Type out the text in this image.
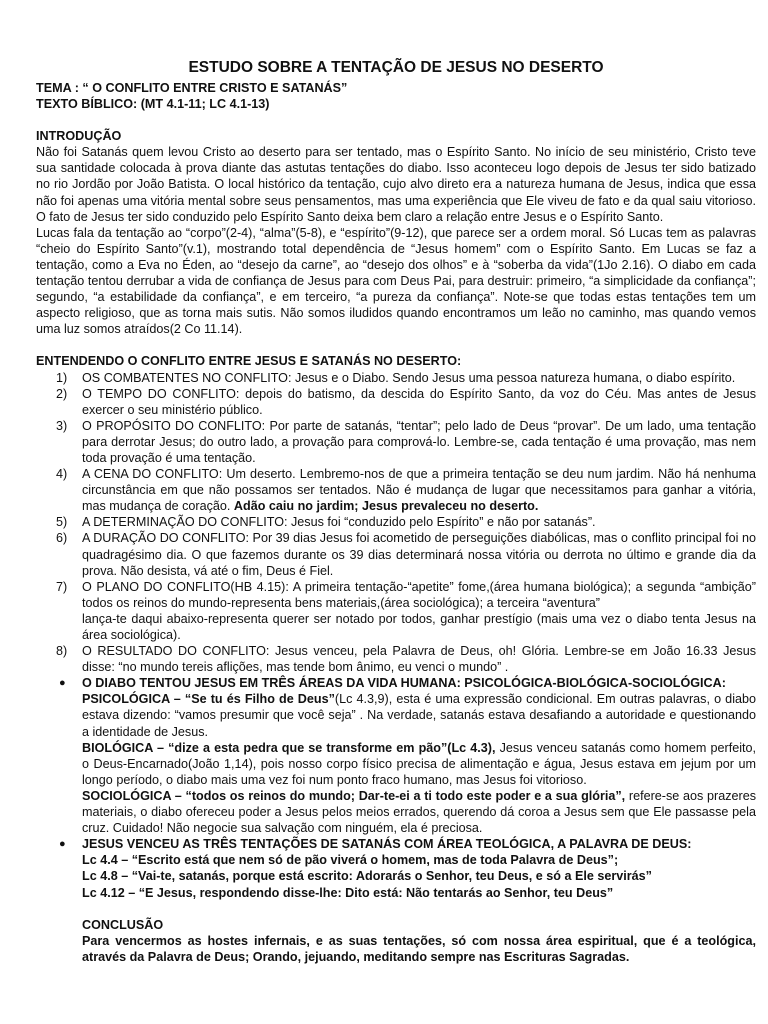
ESTUDO SOBRE A TENTAÇÃO DE JESUS NO DESERTO
TEMA : “ O CONFLITO ENTRE CRISTO E SATANÁS”
TEXTO BÍBLICO: (MT 4.1-11; LC 4.1-13)
INTRODUÇÃO

Não foi Satanás quem levou Cristo ao deserto para ser tentado, mas o Espírito Santo. No início de seu ministério, Cristo teve sua santidade colocada à prova diante das astutas tentações do diabo. Isso aconteceu logo depois de Jesus ter sido batizado no rio Jordão por João Batista. O local histórico da tentação, cujo alvo direto era a natureza humana de Jesus, indica que essa não foi apenas uma vitória mental sobre seus pensamentos, mas uma experiência que Ele viveu de fato e da qual saiu vitorioso. O fato de Jesus ter sido conduzido pelo Espírito Santo deixa bem claro a relação entre Jesus e o Espírito Santo.

Lucas fala da tentação ao “corpo”(2-4), “alma”(5-8), e “espírito”(9-12), que parece ser a ordem moral. Só Lucas tem as palavras “cheio do Espírito Santo”(v.1), mostrando total dependência de “Jesus homem” com o Espírito Santo. Em Lucas se faz a tentação, como a Eva no Éden, ao “desejo da carne”, ao “desejo dos olhos” e à “soberba da vida”(1Jo 2.16). O diabo em cada tentação tentou derrubar a vida de confiança de Jesus para com Deus Pai, para destruir: primeiro, “a simplicidade da confiança”; segundo, “a estabilidade da confiança”, e em terceiro, “a pureza da confiança”. Note-se que todas estas tentações tem um aspecto religioso, que as torna mais sutis. Não somos iludidos quando encontramos um leão no caminho, mas quando vemos uma luz somos atraídos(2 Co 11.14).

ENTENDENDO O CONFLITO ENTRE JESUS E SATANÁS NO DESERTO:
1) OS COMBATENTES NO CONFLITO: Jesus e o Diabo. Sendo Jesus uma pessoa natureza humana, o diabo espírito.
2) O TEMPO DO CONFLITO: depois do batismo, da descida do Espírito Santo, da voz do Céu. Mas antes de Jesus exercer o seu ministério público.
3) O PROPÓSITO DO CONFLITO: Por parte de satanás, “tentar”; pelo lado de Deus “provar”. De um lado, uma tentação para derrotar Jesus; do outro lado, a provação para comprová-lo. Lembre-se, cada tentação é uma provação, mas nem toda provação é uma tentação.
4) A CENA DO CONFLITO: Um deserto. Lembremo-nos de que a primeira tentação se deu num jardim. Não há nenhuma circunstância em que não possamos ser tentados. Não é mudança de lugar que necessitamos para ganhar a vitória, mas mudança de coração. Adão caiu no jardim; Jesus prevaleceu no deserto.
5) A DETERMINAÇÃO DO CONFLITO: Jesus foi “conduzido pelo Espírito” e não por satanás”.
6) A DURAÇÃO DO CONFLITO: Por 39 dias Jesus foi acometido de perseguições diabólicas, mas o conflito principal foi no quadragésimo dia. O que fazemos durante os 39 dias determinará nossa vitória ou derrota no último e grande dia da prova. Não desista, vá até o fim, Deus é Fiel.
7) O PLANO DO CONFLITO(HB 4.15): A primeira tentação-“apetite” fome,(área humana biológica); a segunda “ambição” todos os reinos do mundo-representa bens materiais,(área sociológica); a terceira “aventura”
lança-te daqui abaixo-representa querer ser notado por todos, ganhar prestígio (mais uma vez o diabo tenta Jesus na área sociológica).
8) O RESULTADO DO CONFLITO: Jesus venceu, pela Palavra de Deus, oh! Glória. Lembre-se em João 16.33 Jesus disse: “no mundo tereis aflições, mas tende bom ânimo, eu venci o mundo” .
● O DIABO TENTOU JESUS EM TRÊS ÁREAS DA VIDA HUMANA: PSICOLÓGICA-BIOLÓGICA-SOCIOLÓGICA:

PSICOLÓGICA – “Se tu és Filho de Deus”(Lc 4.3,9), esta é uma expressão condicional. Em outras palavras, o diabo estava dizendo: “vamos presumir que você seja” . Na verdade, satanás estava desafiando a autoridade e questionando a identidade de Jesus.

BIOLÓGICA – “dize a esta pedra que se transforme em pão”(Lc 4.3), Jesus venceu satanás como homem perfeito, o Deus-Encarnado(João 1,14), pois nosso corpo físico precisa de alimentação e água, Jesus estava em jejum por um longo período, o diabo mais uma vez foi num ponto fraco humano, mas Jesus foi vitorioso.

SOCIOLÓGICA – “todos os reinos do mundo; Dar-te-ei a ti todo este poder e a sua glória”, refere-se aos prazeres materiais, o diabo ofereceu poder a Jesus pelos meios errados, querendo dá coroa a Jesus sem que Ele passasse pela cruz. Cuidado! Não negocie sua salvação com ninguém, ela é preciosa.

● JESUS VENCEU AS TRÊS TENTAÇÕES DE SATANÁS COM ÁREA TEOLÓGICA, A PALAVRA DE DEUS:
Lc 4.4 – “Escrito está que nem só de pão viverá o homem, mas de toda Palavra de Deus”;
Lc 4.8 – “Vai-te, satanás, porque está escrito: Adorarás o Senhor, teu Deus, e só a Ele servirás”
Lc 4.12 – “E Jesus, respondendo disse-lhe: Dito está: Não tentarás ao Senhor, teu Deus”
CONCLUSÃO

Para vencermos as hostes infernais, e as suas tentações, só com nossa área espiritual, que é a teológica, através da Palavra de Deus; Orando, jejuando, meditando sempre nas Escrituras Sagradas.
